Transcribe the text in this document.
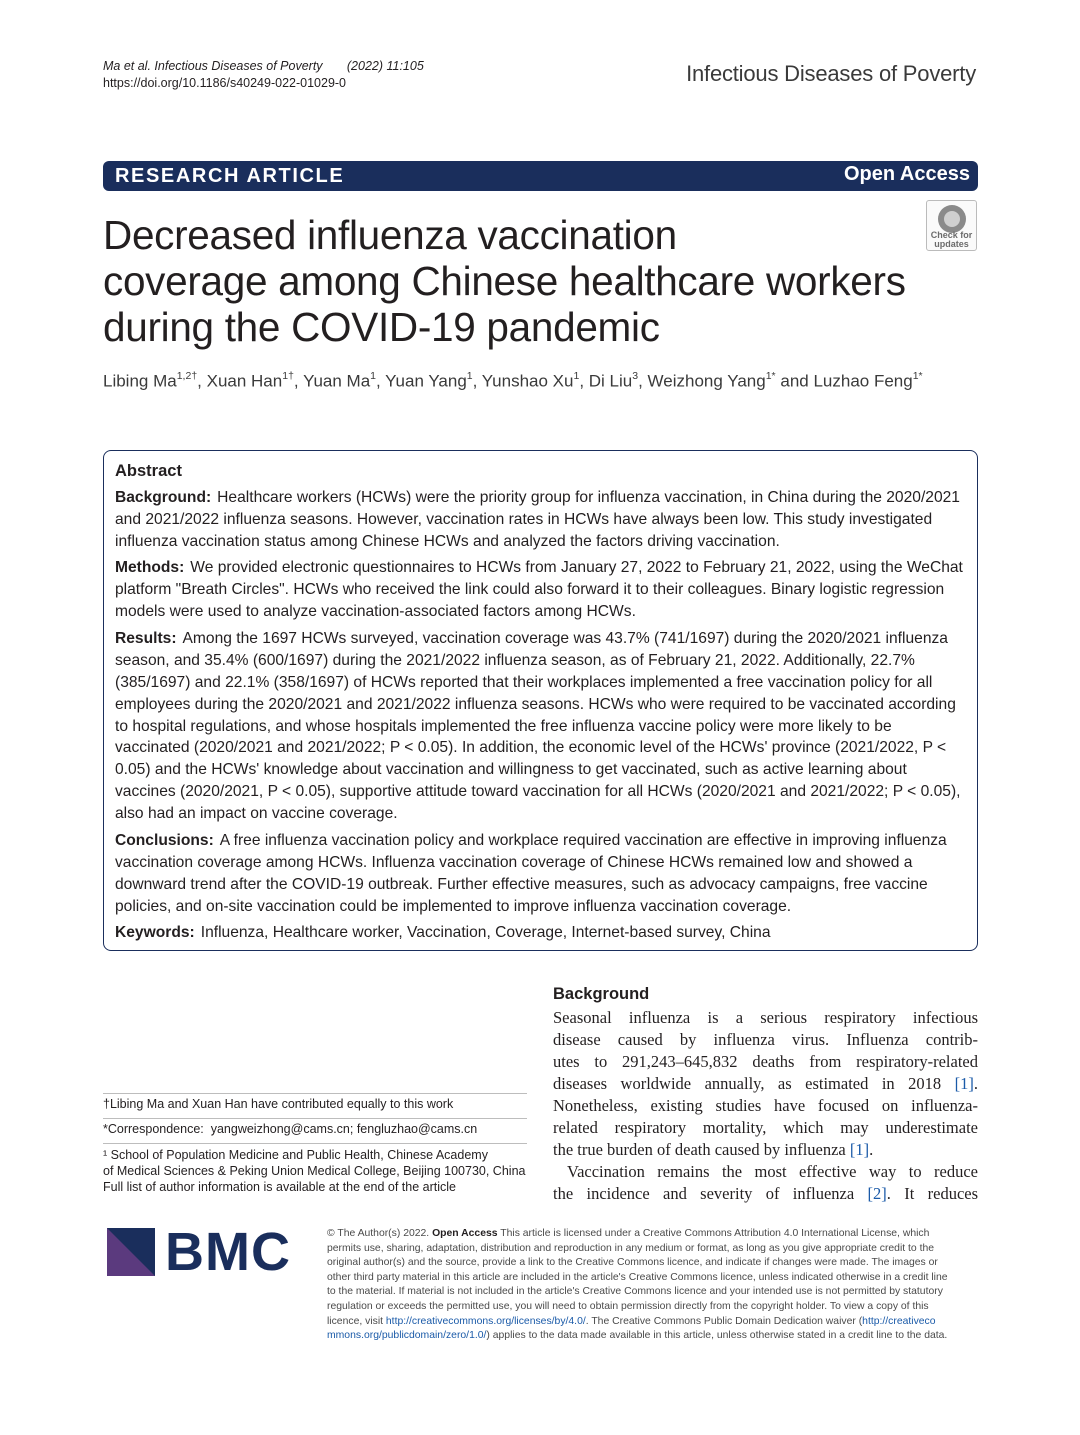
Ma et al. Infectious Diseases of Poverty (2022) 11:105
https://doi.org/10.1186/s40249-022-01029-0	Infectious Diseases of Poverty
RESEARCH ARTICLE	Open Access
Check for
updates
Decreased influenza vaccination
coverage among Chinese healthcare workers
during the COVID-19 pandemic
Libing $Ma^{1,2\dagger}$, Xuan Han$^{1\dagger}$, Yuan Ma$^1$, Yuan Yang$^1$, Yunshao Xu$^1$, Di Liu$^3$, Weizhong Yang$^{1*}$ and Luzhao Feng$^{1*}$
Abstract

Background: Healthcare workers (HCWs) were the priority group for influenza vaccination, in China during the 2020/2021 and 2021/2022 influenza seasons. However, vaccination rates in HCWs have always been low. This study investigated influenza vaccination status among Chinese HCWs and analyzed the factors driving vaccination.

Methods: We provided electronic questionnaires to HCWs from January 27, 2022 to February 21, 2022, using the WeChat platform "Breath Circles". HCWs who received the link could also forward it to their colleagues. Binary logistic regression models were used to analyze vaccination-associated factors among HCWs.

Results: Among the 1697 HCWs surveyed, vaccination coverage was 43.7% (741/1697) during the 2020/2021 influenza season, and 35.4% (600/1697) during the 2021/2022 influenza season, as of February 21, 2022. Additionally, 22.7% (385/1697) and 22.1% (358/1697) of HCWs reported that their workplaces implemented a free vaccination policy for all employees during the 2020/2021 and 2021/2022 influenza seasons. HCWs who were required to be vaccinated according to hospital regulations, and whose hospitals implemented the free influenza vaccine policy were more likely to be vaccinated (2020/2021 and 2021/2022; P < 0.05). In addition, the economic level of the HCWs' province (2021/2022, P < 0.05) and the HCWs' knowledge about vaccination and willingness to get vaccinated, such as active learning about vaccines (2020/2021, P < 0.05), supportive attitude toward vaccination for all HCWs (2020/2021 and 2021/2022; P < 0.05), also had an impact on vaccine coverage.

Conclusions: A free influenza vaccination policy and workplace required vaccination are effective in improving influenza vaccination coverage among HCWs. Influenza vaccination coverage of Chinese HCWs remained low and showed a downward trend after the COVID-19 outbreak. Further effective measures, such as advocacy campaigns, free vaccine policies, and on-site vaccination could be implemented to improve influenza vaccination coverage.

Keywords: Influenza, Healthcare worker, Vaccination, Coverage, Internet-based survey, China

Background
Seasonal influenza is a serious respiratory infectious
disease caused by influenza virus. Influenza contrib-
utes to 291,243–645,832 deaths from respiratory-related
diseases worldwide annually, as estimated in 2018 [1].
Nonetheless, existing studies have focused on influenza-
related respiratory mortality, which may underestimate
the true burden of death caused by influenza [1].
Vaccination remains the most effective way to reduce
the incidence and severity of influenza [2]. It reduces
†Libing Ma and Xuan Han have contributed equally to this work
*Correspondence: yangweizhong@cams.cn; fengluzhao@cams.cn
¹ School of Population Medicine and Public Health, Chinese Academy
of Medical Sciences & Peking Union Medical College, Beijing 100730, China
Full list of author information is available at the end of the article
BMC	© The Author(s) 2022. Open Access This article is licensed under a Creative Commons Attribution 4.0 International License, which
permits use, sharing, adaptation, distribution and reproduction in any medium or format, as long as you give appropriate credit to the
original author(s) and the source, provide a link to the Creative Commons licence, and indicate if changes were made. The images or
other third party material in this article are included in the article's Creative Commons licence, unless indicated otherwise in a credit line
to the material. If material is not included in the article's Creative Commons licence and your intended use is not permitted by statutory
regulation or exceeds the permitted use, you will need to obtain permission directly from the copyright holder. To view a copy of this
licence, visit http://creativecommons.org/licenses/by/4.0/. The Creative Commons Public Domain Dedication waiver (http://creativeco
mmons.org/publicdomain/zero/1.0/) applies to the data made available in this article, unless otherwise stated in a credit line to the data.
